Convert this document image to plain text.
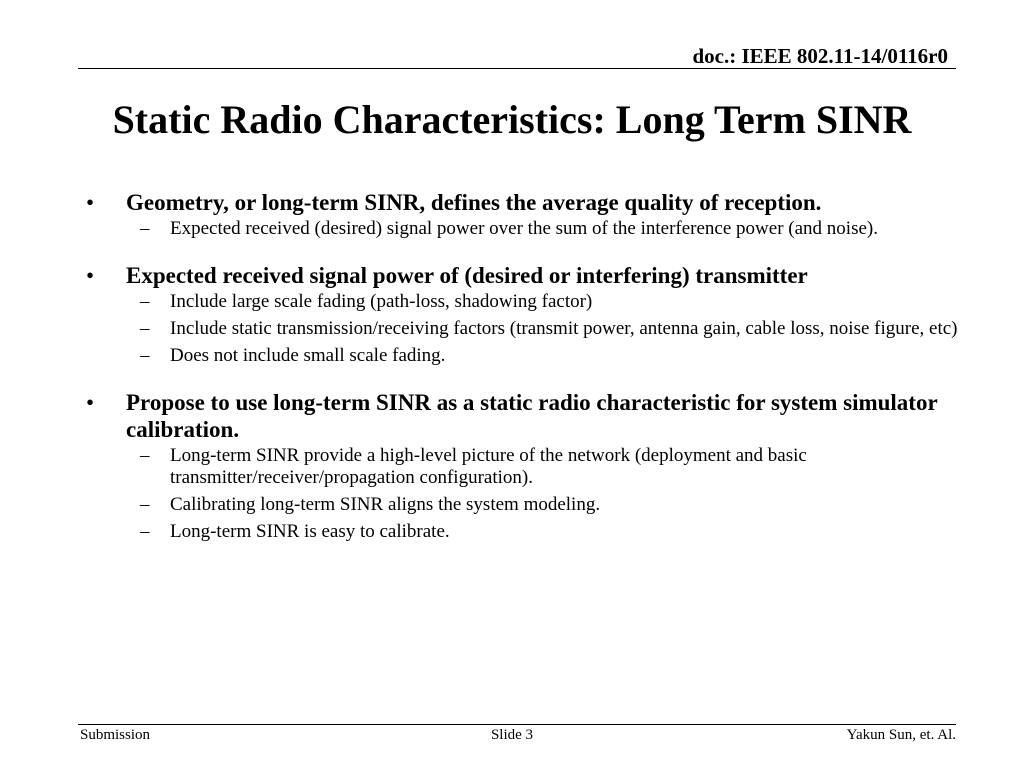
doc.: IEEE 802.11-14/0116r0
Static Radio Characteristics: Long Term SINR
• Geometry, or long-term SINR, defines the average quality of reception.
– Expected received (desired) signal power over the sum of the interference power (and noise).
• Expected received signal power of (desired or interfering) transmitter
– Include large scale fading (path-loss, shadowing factor)
– Include static transmission/receiving factors (transmit power, antenna gain, cable loss, noise figure, etc)
– Does not include small scale fading.
• Propose to use long-term SINR as a static radio characteristic for system simulator calibration.
– Long-term SINR provide a high-level picture of the network (deployment and basic transmitter/receiver/propagation configuration).
– Calibrating long-term SINR aligns the system modeling.
– Long-term SINR is easy to calibrate.
Submission	Slide 3	Yakun Sun, et. Al.
